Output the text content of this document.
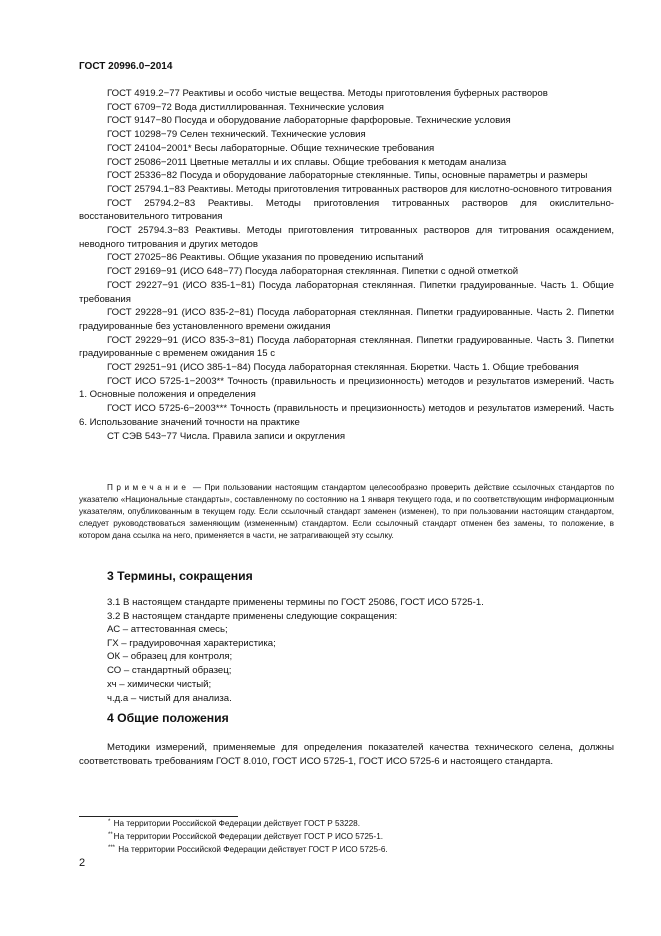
ГОСТ 20996.0−2014

ГОСТ 4919.2−77 Реактивы и особо чистые вещества. Методы приготовления буферных растворов

ГОСТ 6709−72 Вода дистиллированная. Технические условия

ГОСТ 9147−80 Посуда и оборудование лабораторные фарфоровые. Технические условия

ГОСТ 10298−79 Селен технический. Технические условия

ГОСТ 24104−2001* Весы лабораторные. Общие технические требования

ГОСТ 25086−2011 Цветные металлы и их сплавы. Общие требования к методам анализа

ГОСТ 25336−82 Посуда и оборудование лабораторные стеклянные. Типы, основные параметры и размеры

ГОСТ 25794.1−83 Реактивы. Методы приготовления титрованных растворов для кислотно-основного титрования

ГОСТ 25794.2−83 Реактивы. Методы приготовления титрованных растворов для окислительно-восстановительного титрования

ГОСТ 25794.3−83 Реактивы. Методы приготовления титрованных растворов для титрования осаждением, неводного титрования и других методов

ГОСТ 27025−86 Реактивы. Общие указания по проведению испытаний

ГОСТ 29169−91 (ИСО 648−77) Посуда лабораторная стеклянная. Пипетки с одной отметкой

ГОСТ 29227−91 (ИСО 835-1−81) Посуда лабораторная стеклянная. Пипетки градуированные. Часть 1. Общие требования

ГОСТ 29228−91 (ИСО 835-2−81) Посуда лабораторная стеклянная. Пипетки градуированные. Часть 2. Пипетки градуированные без установленного времени ожидания

ГОСТ 29229−91 (ИСО 835-3−81) Посуда лабораторная стеклянная. Пипетки градуированные. Часть 3. Пипетки градуированные с временем ожидания 15 с

ГОСТ 29251−91 (ИСО 385-1−84) Посуда лабораторная стеклянная. Бюретки. Часть 1. Общие требования

ГОСТ ИСО 5725-1−2003** Точность (правильность и прецизионность) методов и результатов измерений. Часть 1. Основные положения и определения

ГОСТ ИСО 5725-6−2003*** Точность (правильность и прецизионность) методов и результатов измерений. Часть 6. Использование значений точности на практике

СТ СЭВ 543−77 Числа. Правила записи и округления

Примечание — При пользовании настоящим стандартом целесообразно проверить действие ссылочных стандартов по указателю «Национальные стандарты», составленному по состоянию на 1 января текущего года, и по соответствующим информационным указателям, опубликованным в текущем году. Если ссылочный стандарт заменен (изменен), то при пользовании настоящим стандартом, следует руководствоваться заменяющим (измененным) стандартом. Если ссылочный стандарт отменен без замены, то положение, в котором дана ссылка на него, применяется в части, не затрагивающей эту ссылку.

3 Термины, сокращения

3.1 В настоящем стандарте применены термины по ГОСТ 25086, ГОСТ ИСО 5725-1.

3.2 В настоящем стандарте применены следующие сокращения:

АС – аттестованная смесь;
ГХ – градуировочная характеристика;
ОК – образец для контроля;
СО – стандартный образец;
хч – химически чистый;
ч.д.а – чистый для анализа.
4 Общие положения

Методики измерений, применяемые для определения показателей качества технического селена, должны соответствовать требованиям ГОСТ 8.010, ГОСТ ИСО 5725-1, ГОСТ ИСО 5725-6 и настоящего стандарта.

* На территории Российской Федерации действует ГОСТ Р 53228.
**На территории Российской Федерации действует ГОСТ Р ИСО 5725-1.
*** На территории Российской Федерации действует ГОСТ Р ИСО 5725-6.
2
